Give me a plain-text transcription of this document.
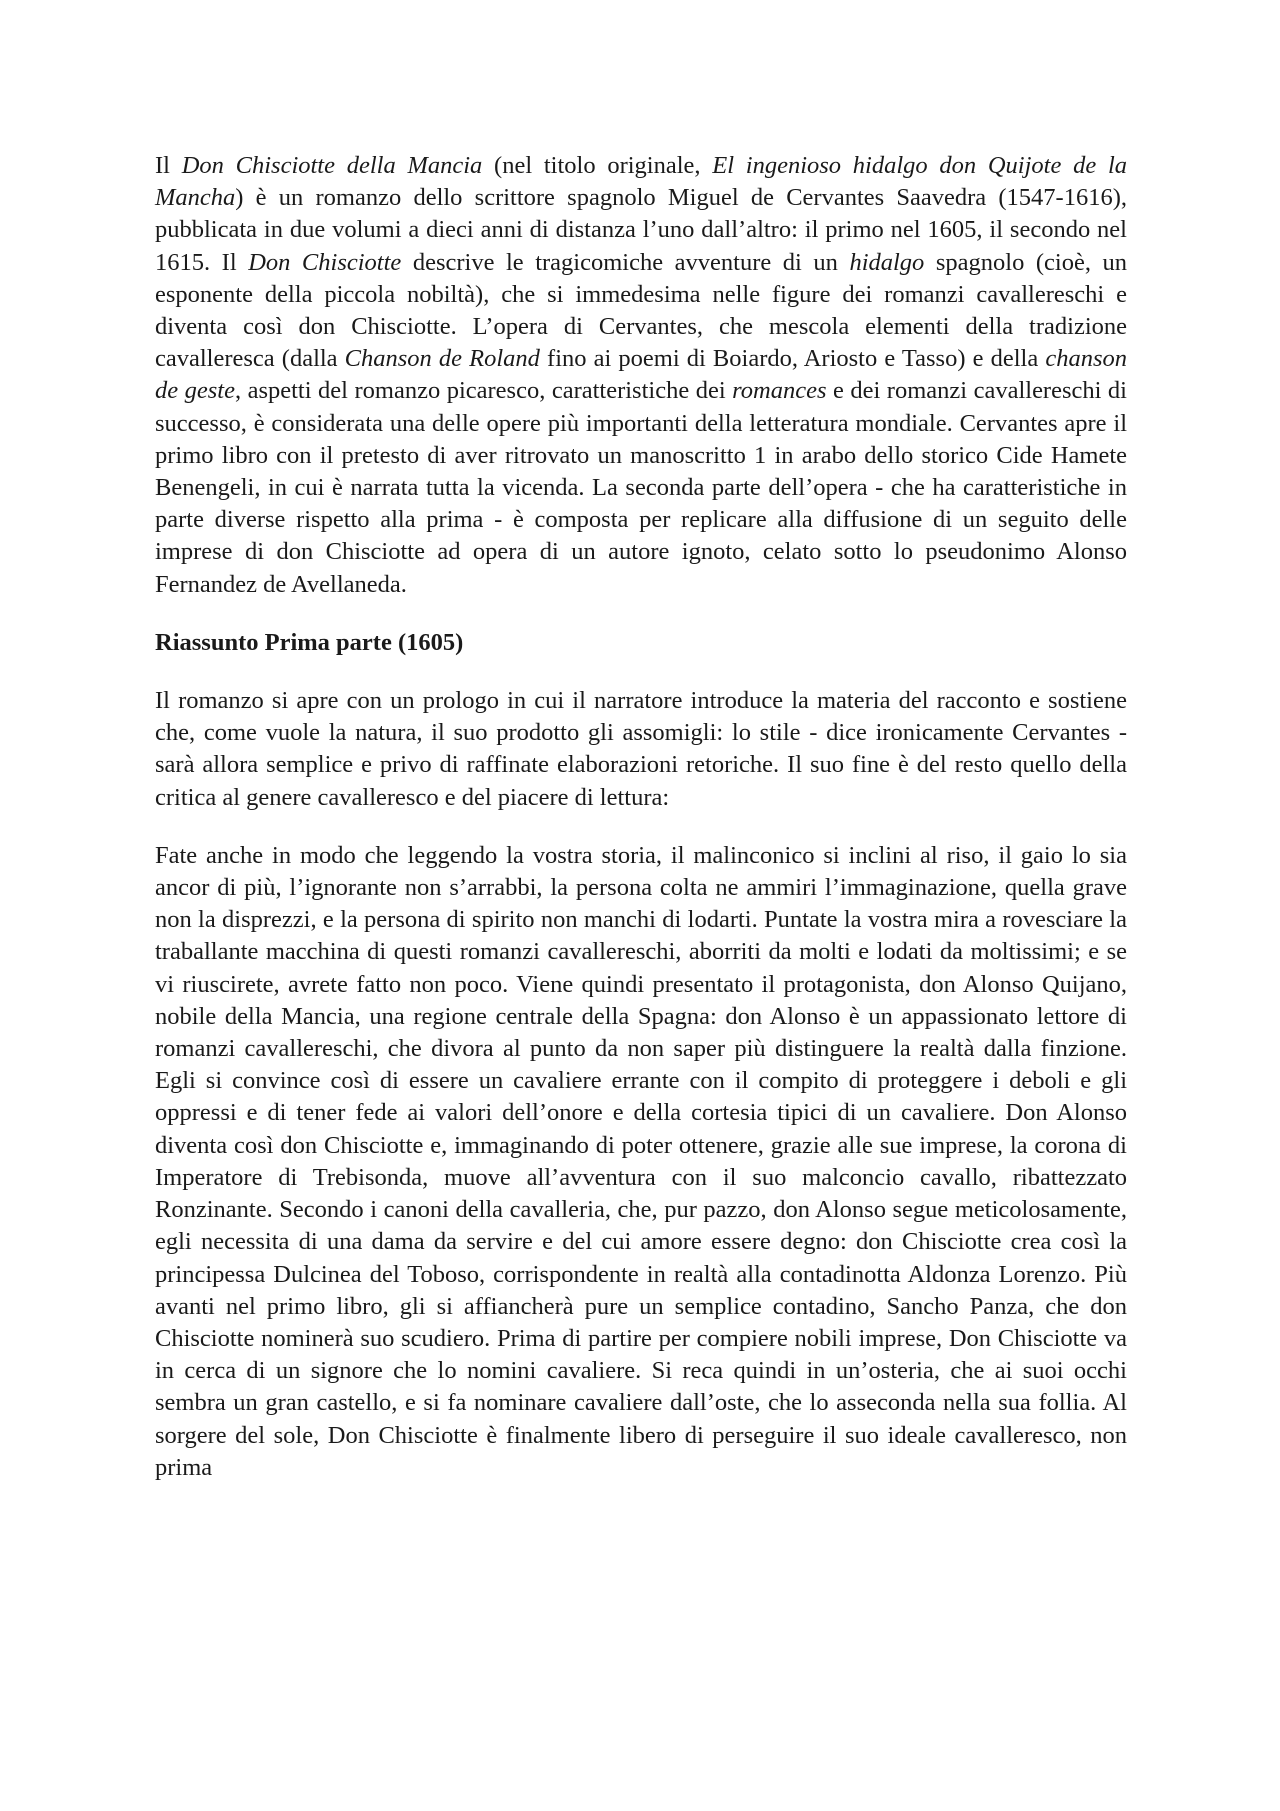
Il Don Chisciotte della Mancia (nel titolo originale, El ingenioso hidalgo don Quijote de la Mancha) è un romanzo dello scrittore spagnolo Miguel de Cervantes Saavedra (1547-1616), pubblicata in due volumi a dieci anni di distanza l’uno dall’altro: il primo nel 1605, il secondo nel 1615. Il Don Chisciotte descrive le tragicomiche avventure di un hidalgo spagnolo (cioè, un esponente della piccola nobiltà), che si immedesima nelle figure dei romanzi cavallereschi e diventa così don Chisciotte. L’opera di Cervantes, che mescola elementi della tradizione cavalleresca (dalla Chanson de Roland fino ai poemi di Boiardo, Ariosto e Tasso) e della chanson de geste, aspetti del romanzo picaresco, caratteristiche dei romances e dei romanzi cavallereschi di successo, è considerata una delle opere più importanti della letteratura mondiale. Cervantes apre il primo libro con il pretesto di aver ritrovato un manoscritto 1 in arabo dello storico Cide Hamete Benengeli, in cui è narrata tutta la vicenda. La seconda parte dell’opera - che ha caratteristiche in parte diverse rispetto alla prima - è composta per replicare alla diffusione di un seguito delle imprese di don Chisciotte ad opera di un autore ignoto, celato sotto lo pseudonimo Alonso Fernandez de Avellaneda.

Riassunto Prima parte (1605)

Il romanzo si apre con un prologo in cui il narratore introduce la materia del racconto e sostiene che, come vuole la natura, il suo prodotto gli assomigli: lo stile - dice ironicamente Cervantes - sarà allora semplice e privo di raffinate elaborazioni retoriche. Il suo fine è del resto quello della critica al genere cavalleresco e del piacere di lettura:

Fate anche in modo che leggendo la vostra storia, il malinconico si inclini al riso, il gaio lo sia ancor di più, l’ignorante non s’arrabbi, la persona colta ne ammiri l’immaginazione, quella grave non la disprezzi, e la persona di spirito non manchi di lodarti. Puntate la vostra mira a rovesciare la traballante macchina di questi romanzi cavallereschi, aborriti da molti e lodati da moltissimi; e se vi riuscirete, avrete fatto non poco. Viene quindi presentato il protagonista, don Alonso Quijano, nobile della Mancia, una regione centrale della Spagna: don Alonso è un appassionato lettore di romanzi cavallereschi, che divora al punto da non saper più distinguere la realtà dalla finzione. Egli si convince così di essere un cavaliere errante con il compito di proteggere i deboli e gli oppressi e di tener fede ai valori dell’onore e della cortesia tipici di un cavaliere. Don Alonso diventa così don Chisciotte e, immaginando di poter ottenere, grazie alle sue imprese, la corona di Imperatore di Trebisonda, muove all’avventura con il suo malconcio cavallo, ribattezzato Ronzinante. Secondo i canoni della cavalleria, che, pur pazzo, don Alonso segue meticolosamente, egli necessita di una dama da servire e del cui amore essere degno: don Chisciotte crea così la principessa Dulcinea del Toboso, corrispondente in realtà alla contadinotta Aldonza Lorenzo. Più avanti nel primo libro, gli si affiancherà pure un semplice contadino, Sancho Panza, che don Chisciotte nominerà suo scudiero. Prima di partire per compiere nobili imprese, Don Chisciotte va in cerca di un signore che lo nomini cavaliere. Si reca quindi in un’osteria, che ai suoi occhi sembra un gran castello, e si fa nominare cavaliere dall’oste, che lo asseconda nella sua follia. Al sorgere del sole, Don Chisciotte è finalmente libero di perseguire il suo ideale cavalleresco, non prima
